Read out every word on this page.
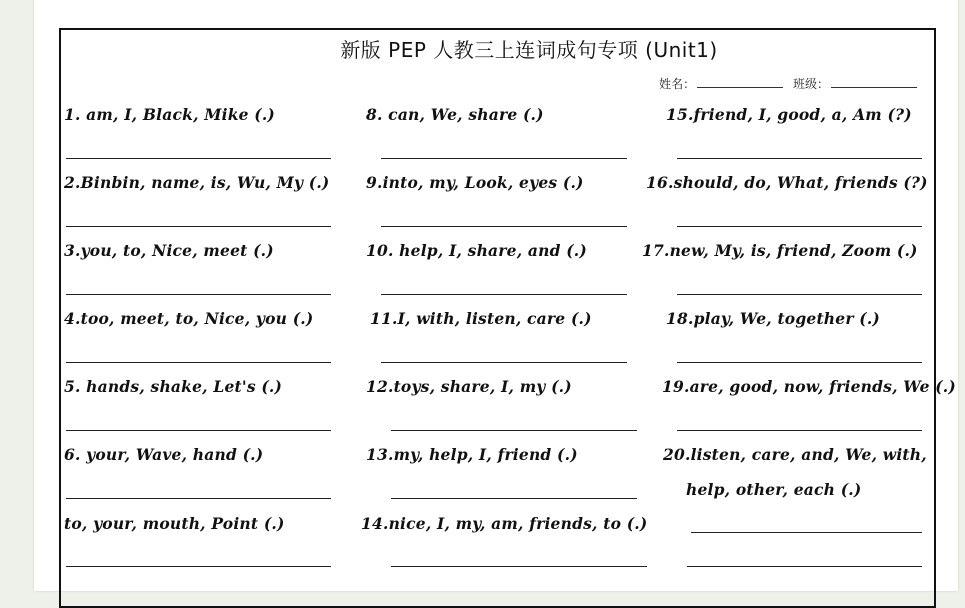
新版 PEP 人教三上连词成句专项 (Unit1)
姓名：	班级：
1. am, I, Black, Mike (.)
2.Binbin, name, is, Wu, My (.)
3.you, to, Nice, meet (.)
4.too, meet, to, Nice, you (.)
5. hands, shake, Let's (.)
6. your, Wave, hand (.)
to, your, mouth, Point (.)
8. can, We, share (.)
9.into, my, Look, eyes (.)
10. help, I, share, and (.)
11.I, with, listen, care (.)
12.toys, share, I, my (.)
13.my, help, I, friend (.)
14.nice, I, my, am, friends, to (.)
15.friend, I, good, a, Am (?)
16.should, do, What, friends (?)
17.new, My, is, friend, Zoom (.)
18.play, We, together (.)
19.are, good, now, friends, We (.)
20.listen, care, and, We, with,
help, other, each (.)
